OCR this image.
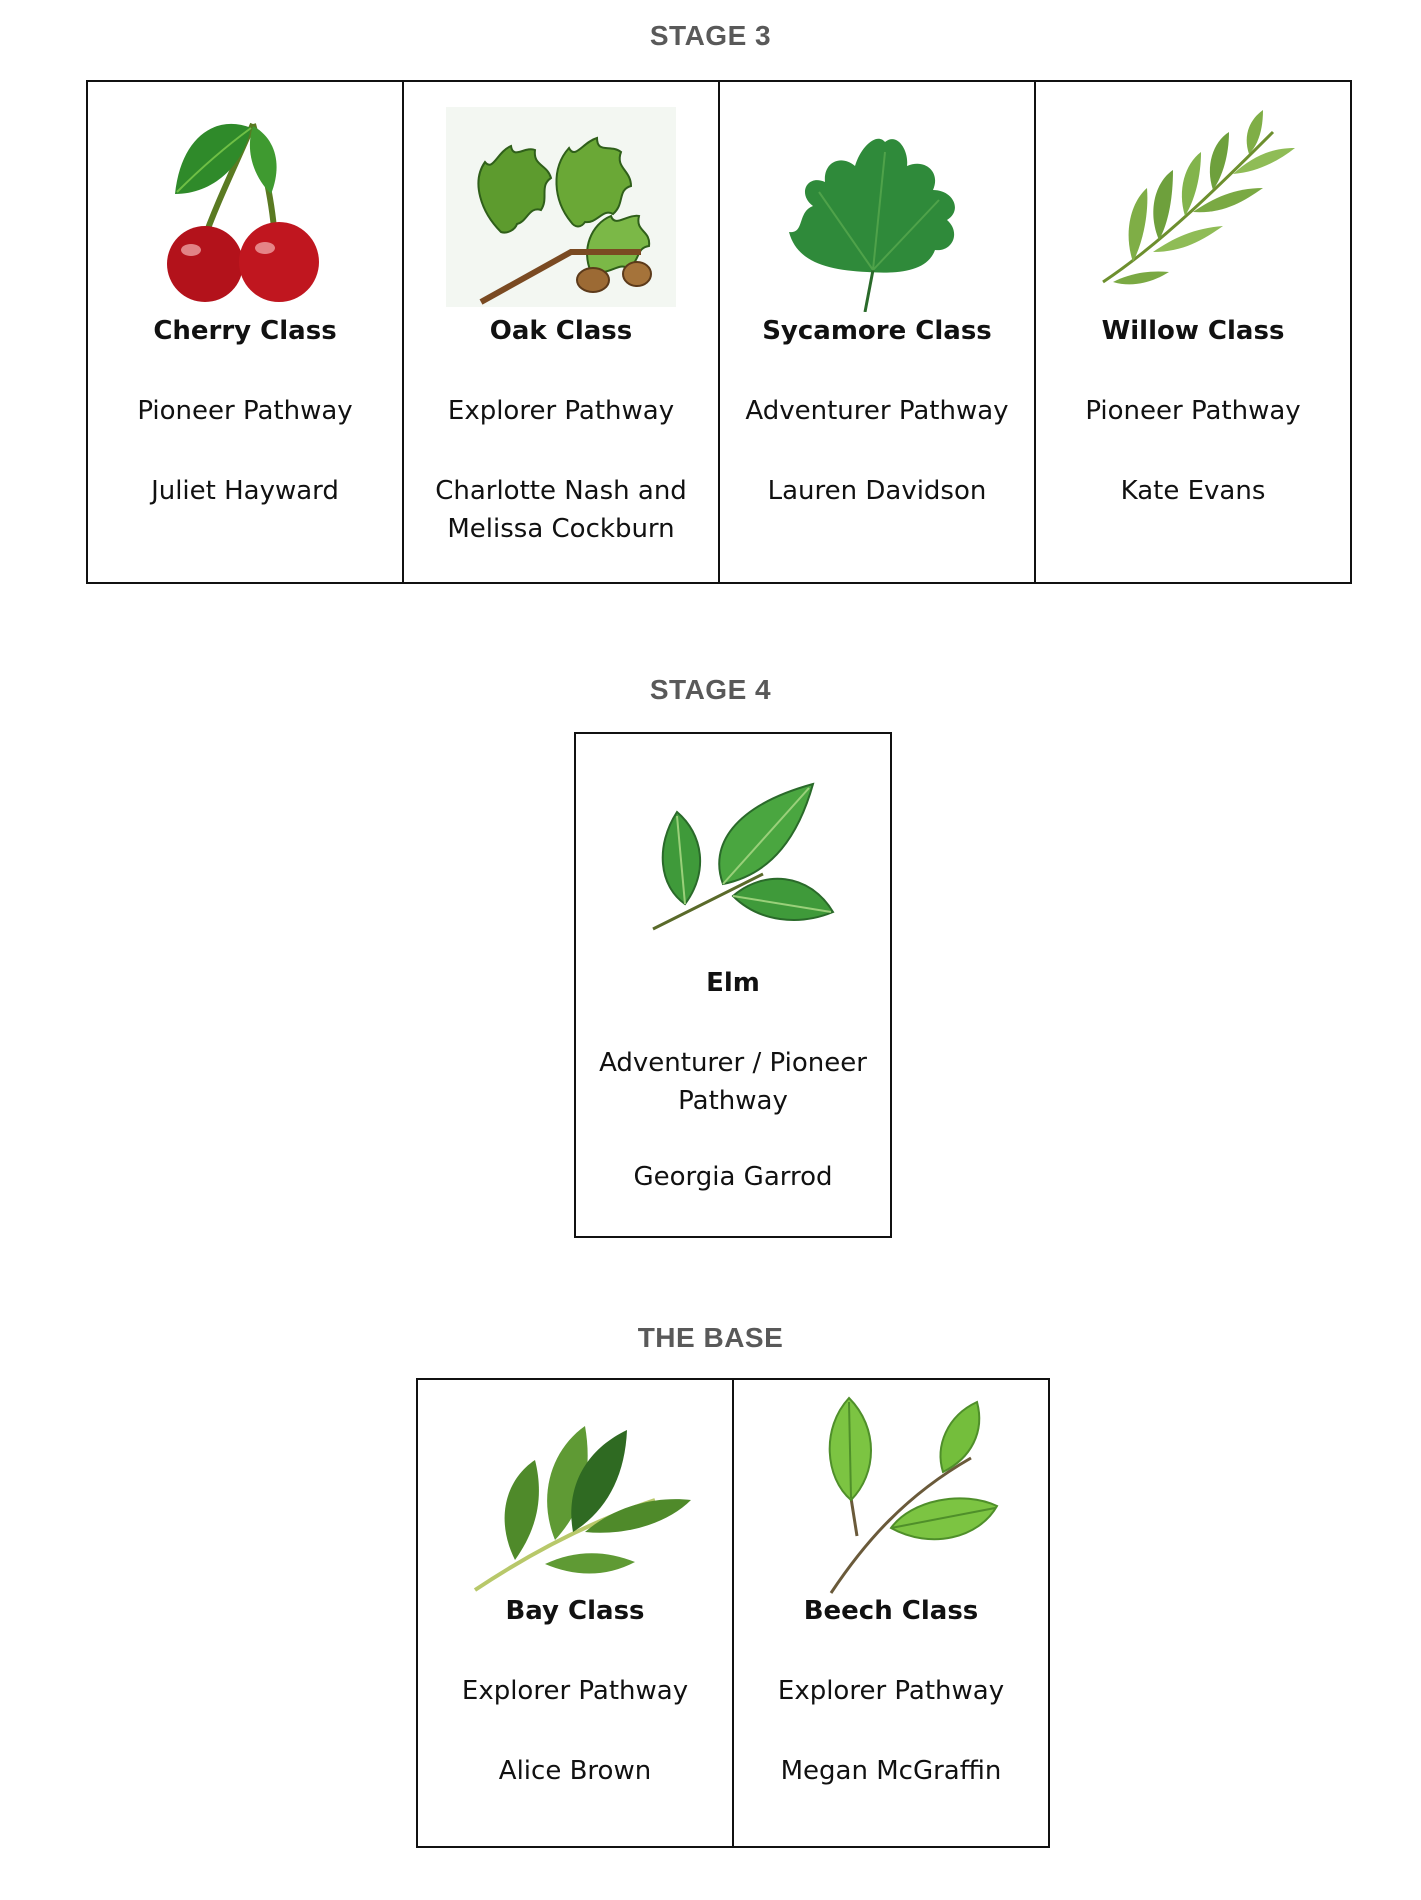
STAGE 3
Cherry Class
Pioneer Pathway
Juliet Hayward
Oak Class
Explorer Pathway
Charlotte Nash and Melissa Cockburn
Sycamore Class
Adventurer Pathway
Lauren Davidson
Willow Class
Pioneer Pathway
Kate Evans
STAGE 4
Elm
Adventurer / Pioneer Pathway
Georgia Garrod
THE BASE
Bay Class
Explorer Pathway
Alice Brown
Beech Class
Explorer Pathway
Megan McGraffin
